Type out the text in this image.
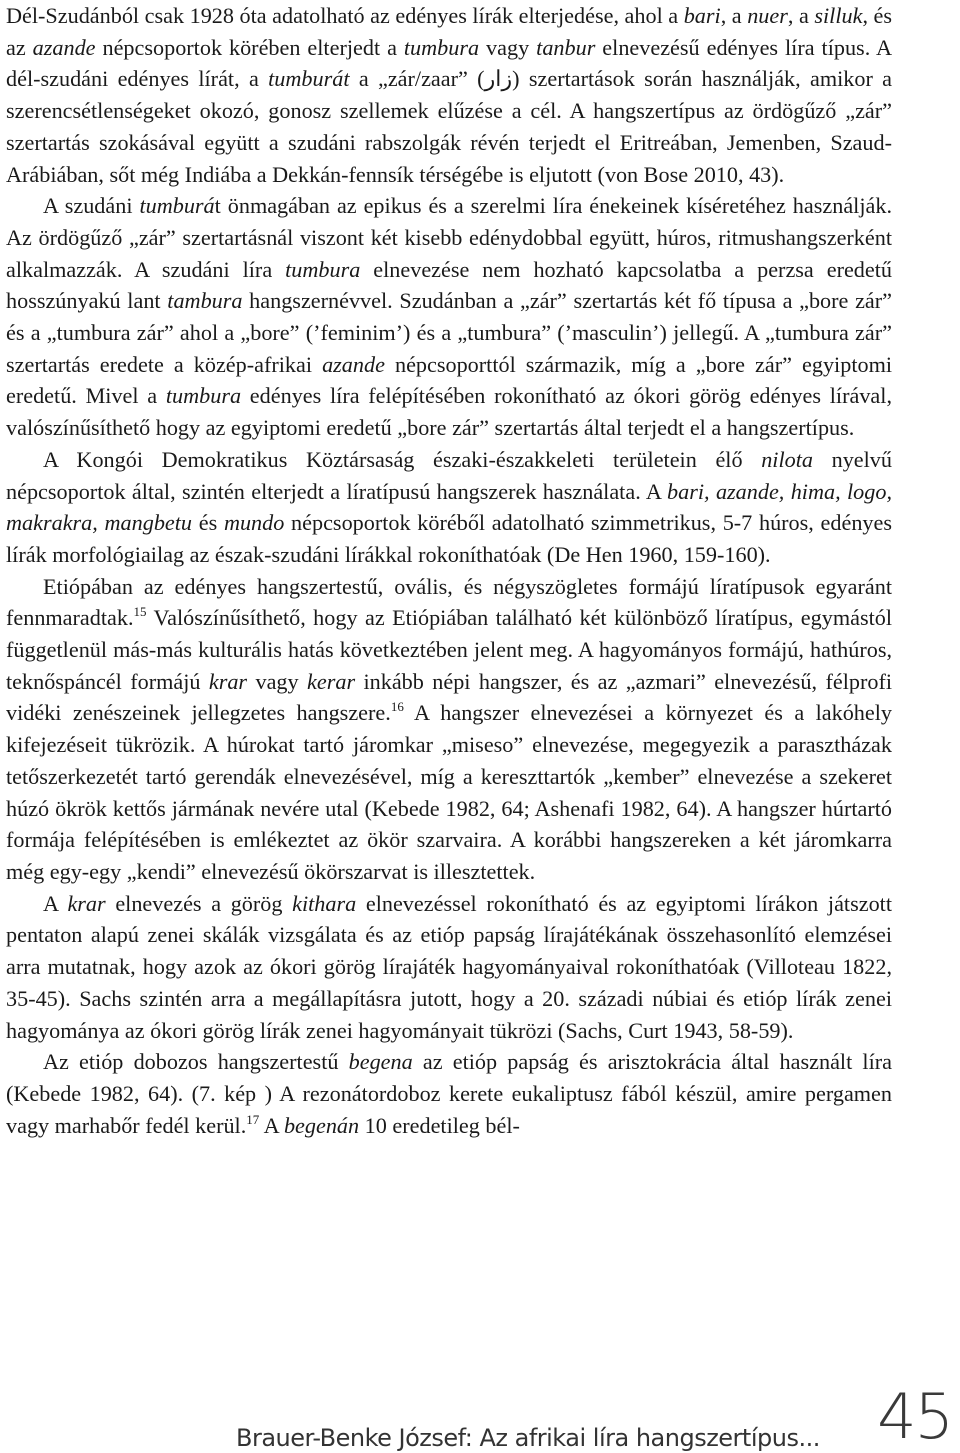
Dél-Szudánból csak 1928 óta adatolható az edényes lírák elterjedése, ahol a bari, a nuer, a silluk, és az azande népcsoportok körében elterjedt a tumbura vagy tanbur elnevezésű edényes líra típus. A dél-szudáni edényes lírát, a tumburát a „zár/zaar” (زار) szertartások során használják, amikor a szerencsétlenségeket okozó, gonosz szellemek elűzése a cél. A hangszertípus az ördögűző „zár” szertartás szokásával együtt a szudáni rabszolgák révén terjedt el Eritreában, Jemenben, Szaud-Arábiában, sőt még Indiába a Dekkán-fennsík térségébe is eljutott (von Bose 2010, 43).

A szudáni tumburát önmagában az epikus és a szerelmi líra énekeinek kíséretéhez használják. Az ördögűző „zár” szertartásnál viszont két kisebb edénydobbal együtt, húros, ritmushangszerként alkalmazzák. A szudáni líra tumbura elnevezése nem hozható kapcsolatba a perzsa eredetű hosszúnyakú lant tambura hangszernévvel. Szudánban a „zár” szertartás két fő típusa a „bore zár” és a „tumbura zár” ahol a „bore” (’feminim’) és a „tumbura” (’masculin’) jellegű. A „tumbura zár” szertartás eredete a közép-afrikai azande népcsoporttól származik, míg a „bore zár” egyiptomi eredetű. Mivel a tumbura edényes líra felépítésében rokonítható az ókori görög edényes lírával, valószínűsíthető hogy az egyiptomi eredetű „bore zár” szertartás által terjedt el a hangszertípus.

A Kongói Demokratikus Köztársaság északi-északkeleti területein élő nilota nyelvű népcsoportok által, szintén elterjedt a líratípusú hangszerek használata. A bari, azande, hima, logo, makrakra, mangbetu és mundo népcsoportok köréből adatolható szimmetrikus, 5-7 húros, edényes lírák morfológiailag az észak-szudáni lírákkal rokoníthatóak (De Hen 1960, 159-160).

Etiópában az edényes hangszertestű, ovális, és négyszögletes formájú líratípusok egyaránt fennmaradtak.$^{15}$ Valószínűsíthető, hogy az Etiópiában található két különböző líratípus, egymástól függetlenül más-más kulturális hatás következtében jelent meg. A hagyományos formájú, hathúros, teknőspáncél formájú krar vagy kerar inkább népi hangszer, és az „azmari” elnevezésű, félprofi vidéki zenészeinek jellegzetes hangszere.$^{16}$ A hangszer elnevezései a környezet és a lakóhely kifejezéseit tükrözik. A húrokat tartó járomkar „miseso” elnevezése, megegyezik a parasztházak tetőszerkezetét tartó gerendák elnevezésével, míg a kereszttartók „kember” elnevezése a szekeret húzó ökrök kettős jármának nevére utal (Kebede 1982, 64; Ashenafi 1982, 64). A hangszer húrtartó formája felépítésében is emlékeztet az ökör szarvaira. A korábbi hangszereken a két járomkarra még egy-egy „kendi” elnevezésű ökörszarvat is illesztettek.

A krar elnevezés a görög kithara elnevezéssel rokonítható és az egyiptomi lírákon játszott pentaton alapú zenei skálák vizsgálata és az etióp papság lírajátékának összehasonlító elemzései arra mutatnak, hogy azok az ókori görög lírajáték hagyományaival rokoníthatóak (Villoteau 1822, 35-45). Sachs szintén arra a megállapításra jutott, hogy a 20. századi núbiai és etióp lírák zenei hagyománya az ókori görög lírák zenei hagyományait tükrözi (Sachs, Curt 1943, 58-59).

Az etióp dobozos hangszertestű begena az etióp papság és arisztokrácia által használt líra (Kebede 1982, 64). (7. kép ) A rezonátordoboz kerete eukaliptusz fából készül, amire pergamen vagy marhabőr fedél kerül.$^{17}$ A begenán 10 eredetileg bél-

Brauer-Benke József: Az afrikai líra hangszertípus... 45
